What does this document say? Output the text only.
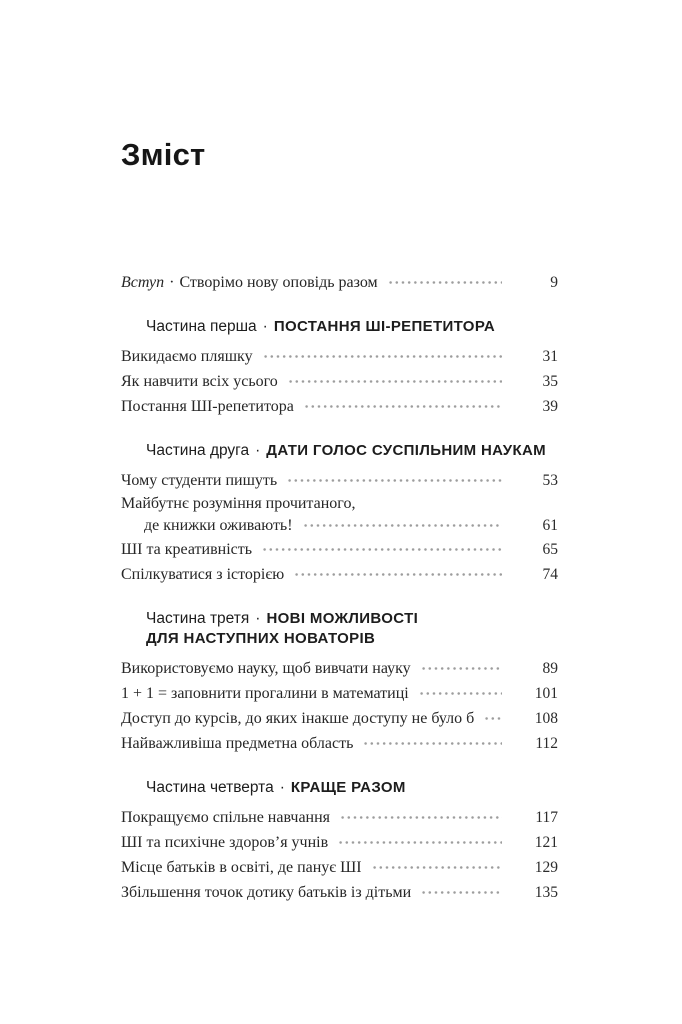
Зміст
Вступ · Створімо нову оповідь разом	9
Частина перша · ПОСТАННЯ ШІ-РЕПЕТИТОРА
Викидаємо пляшку	31
Як навчити всіх усього	35
Постання ШІ-репетитора	39
Частина друга · ДАТИ ГОЛОС СУСПІЛЬНИМ НАУКАМ
Чому студенти пишуть	53
Майбутнє розуміння прочитаного,
де книжки оживають!	61
ШІ та креативність	65
Спілкуватися з історією	74
Частина третя · НОВІ МОЖЛИВОСТІ
ДЛЯ НАСТУПНИХ НОВАТОРІВ
Використовуємо науку, щоб вивчати науку	89
1 + 1 = заповнити прогалини в математиці	101
Доступ до курсів, до яких інакше доступу не було б	108
Найважливіша предметна область	112
Частина четверта · КРАЩЕ РАЗОМ
Покращуємо спільне навчання	117
ШІ та психічне здоров’я учнів	121
Місце батьків в освіті, де панує ШІ	129
Збільшення точок дотику батьків із дітьми	135
